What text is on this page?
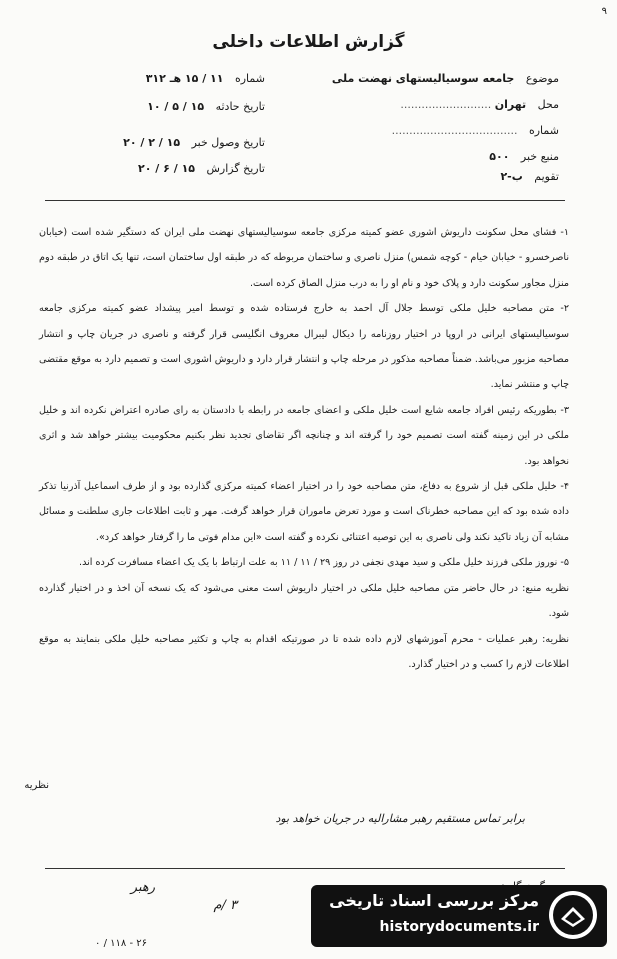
۹
گزارش اطلاعات داخلی
موضوع جامعه سوسیالیستهای نهضت ملی
محل تهران ..........................
شماره ....................................
منبع خبر ۵۰۰
تقویم ب-۲
شماره ۱۱ / ۱۵ هـ ۳۱۲
تاریخ حادثه ۱۵ / ۵ / ۱۰
تاریخ وصول خبر ۱۵ / ۲ / ۲۰
تاریخ گزارش ۱۵ / ۶ / ۲۰

۱- فشای محل سکونت داریوش اشوری عضو کمیته مرکزی جامعه سوسیالیستهای نهضت ملی ایران که دستگیر شده است (خیابان ناصرخسرو - خیابان خیام - کوچه شمس) منزل ناصری و ساختمان مربوطه که در طبقه اول ساختمان است، تنها یک اتاق در طبقه دوم منزل مجاور سکونت دارد و پلاک خود و نام او را به درب منزل الصاق کرده است.

۲- متن مصاحبه خلیل ملکی توسط جلال آل احمد به خارج فرستاده شده و توسط امیر پیشداد عضو کمیته مرکزی جامعه سوسیالیستهای ایرانی در اروپا در اختیار روزنامه را دیکال لیبرال معروف انگلیسی قرار گرفته و ناصری در جریان چاپ و انتشار مصاحبه مزبور می‌باشد. ضمناً مصاحبه مذکور در مرحله چاپ و انتشار قرار دارد و داریوش اشوری است و تصمیم دارد به موقع مقتضی چاپ و منتشر نماید.

۳- بطوریکه رئیس افراد جامعه شایع است خلیل ملکی و اعضای جامعه در رابطه با دادستان به رای صادره اعتراض نکرده اند و خلیل ملکی در این زمینه گفته است تصمیم خود را گرفته اند و چنانچه اگر تقاضای تجدید نظر بکنیم محکومیت بیشتر خواهد شد و اثری نخواهد بود.

۴- خلیل ملکی قبل از شروع به دفاع، متن مصاحبه خود را در اختیار اعضاء کمیته مرکزی گذارده بود و از طرف اسماعیل آذرنیا تذکر داده شده بود که این مصاحبه خطرناک است و مورد تعرض ماموران قرار خواهد گرفت. مهر و ثابت اطلاعات جاری سلطنت و مسائل مشابه آن زیاد تاکید نکند ولی ناصری به این توصیه اعتنائی نکرده و گفته است «این مدام فوتی ما را گرفتار خواهد کرد».

۵- نوروز ملکی فرزند خلیل ملکی و سید مهدی نجفی در روز ۲۹ / ۱۱ / ۱۱ به علت ارتباط با یک یک اعضاء مسافرت کرده اند.

نظریه منبع: در حال حاضر متن مصاحبه خلیل ملکی در اختیار داریوش است معنی می‌شود که یک نسخه آن اخذ و در اختیار گذارده شود.

نظریه: رهبر عملیات - محرم آموزشهای لازم داده شده تا در صورتیکه اقدام به چاپ و تکثیر مصاحبه خلیل ملکی بنمایند به موقع اطلاعات لازم را کسب و در اختیار گذارد.

نظریه
برابر تماس مستقیم رهبر مشارالیه در جریان خواهد بود
رهبر
۳ /م
۲۶ - ۱۱۸ / ۰
مرکز بررسی اسناد تاریخی
historydocuments.ir
